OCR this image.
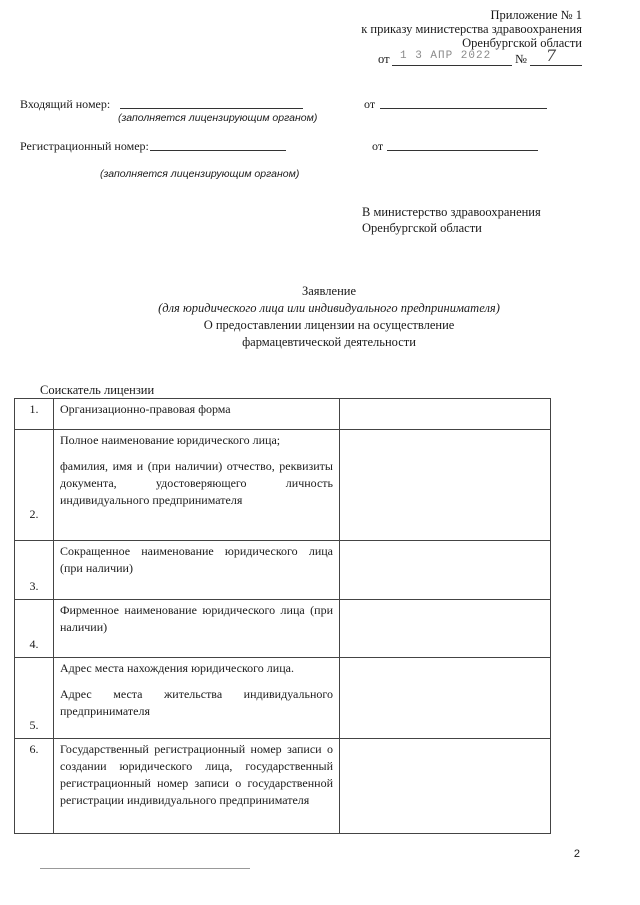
Приложение № 1
к приказу министерства здравоохранения
Оренбургской области
от 1 3 АПР 2022 № 7
Входящий номер:
(заполняется лицензирующим органом)
от
Регистрационный номер:
(заполняется лицензирующим органом)
от
В министерство здравоохранения
Оренбургской области
Заявление
(для юридического лица или индивидуального предпринимателя)
О предоставлении лицензии на осуществление
фармацевтической деятельности
Соискатель лицензии
1.	Организационно-правовая форма	

2.	Полное наименование юридического лица;

фамилия, имя и (при наличии) отчество, реквизиты документа, удостоверяющего личность индивидуального предпринимателя	

3.	Сокращенное наименование юридического лица (при наличии)	

4.	Фирменное наименование юридического лица (при наличии)	

5.	Адрес места нахождения юридического лица.

Адрес места жительства индивидуального предпринимателя	

6.	Государственный регистрационный номер записи о создании юридического лица, государственный регистрационный номер записи о государственной регистрации индивидуального предпринимателя	

2
